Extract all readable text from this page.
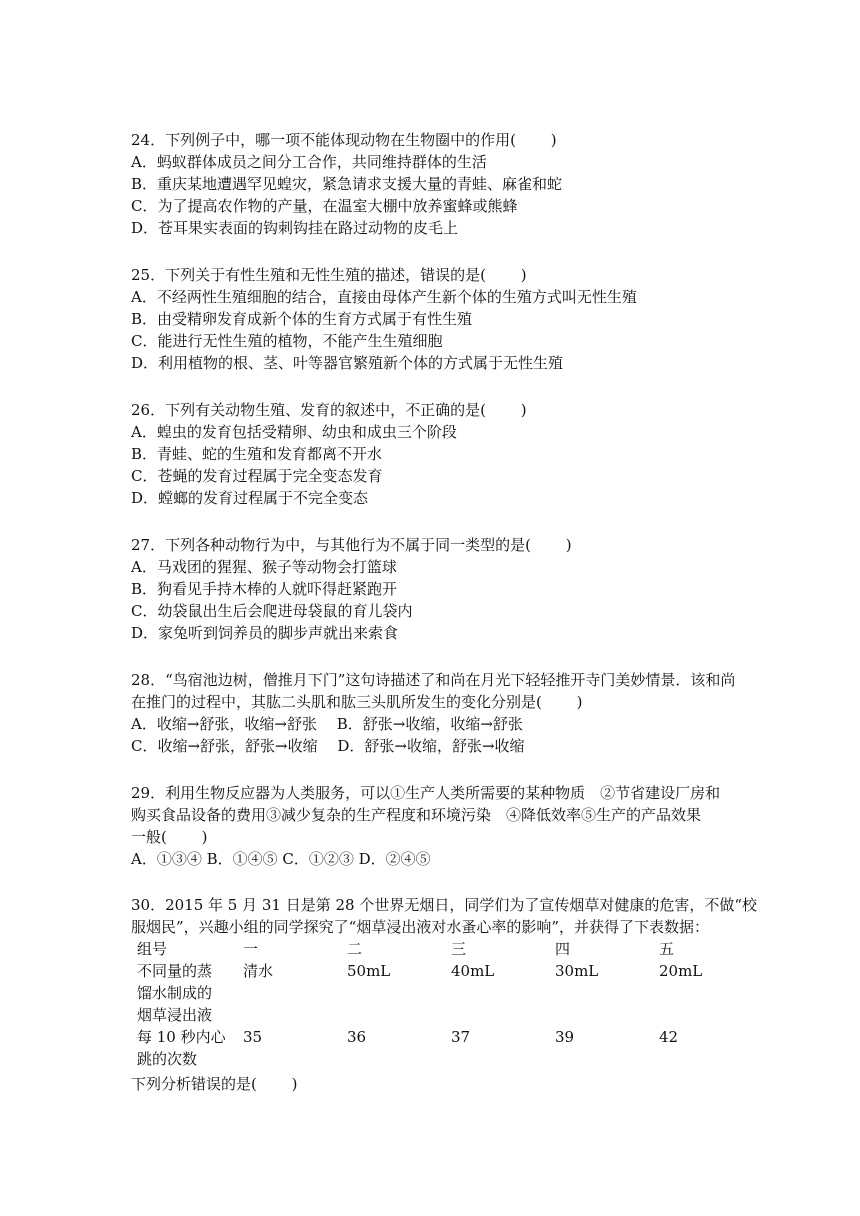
24．下列例子中，哪一项不能体现动物在生物圈中的作用(　　 )
A．蚂蚁群体成员之间分工合作，共同维持群体的生活
B．重庆某地遭遇罕见蝗灾，紧急请求支援大量的青蛙、麻雀和蛇
C．为了提高农作物的产量，在温室大棚中放养蜜蜂或熊蜂
D．苍耳果实表面的钩刺钩挂在路过动物的皮毛上
25．下列关于有性生殖和无性生殖的描述，错误的是(　　 )
A．不经两性生殖细胞的结合，直接由母体产生新个体的生殖方式叫无性生殖
B．由受精卵发育成新个体的生育方式属于有性生殖
C．能进行无性生殖的植物，不能产生生殖细胞
D．利用植物的根、茎、叶等器官繁殖新个体的方式属于无性生殖
26．下列有关动物生殖、发育的叙述中，不正确的是(　　 )
A．蝗虫的发育包括受精卵、幼虫和成虫三个阶段
B．青蛙、蛇的生殖和发育都离不开水
C．苍蝇的发育过程属于完全变态发育
D．螳螂的发育过程属于不完全变态
27．下列各种动物行为中，与其他行为不属于同一类型的是(　　 )
A．马戏团的猩猩、猴子等动物会打篮球
B．狗看见手持木棒的人就吓得赶紧跑开
C．幼袋鼠出生后会爬进母袋鼠的育儿袋内
D．家兔听到饲养员的脚步声就出来索食
28．“鸟宿池边树，僧推月下门”这句诗描述了和尚在月光下轻轻推开寺门美妙情景．该和尚
在推门的过程中，其肱二头肌和肱三头肌所发生的变化分别是(　　 )
A．收缩→舒张，收缩→舒张　 B．舒张→收缩，收缩→舒张
C．收缩→舒张，舒张→收缩　 D．舒张→收缩，舒张→收缩
29．利用生物反应器为人类服务，可以①生产人类所需要的某种物质　②节省建设厂房和
购买食品设备的费用③减少复杂的生产程度和环境污染　④降低效率⑤生产的产品效果
一般(　　 )
A．①③④ B．①④⑤ C．①②③ D．②④⑤
30．2015 年 5 月 31 日是第 28 个世界无烟日，同学们为了宣传烟草对健康的危害，不做“校
服烟民”，兴趣小组的同学探究了“烟草浸出液对水蚤心率的影响”，并获得了下表数据：
组号	一	二	三	四	五

不同量的蒸
馏水制成的
烟草浸出液	清水	50mL	40mL	30mL	20mL

每 10 秒内心
跳的次数	35	36	37	39	42
下列分析错误的是(　　 )
